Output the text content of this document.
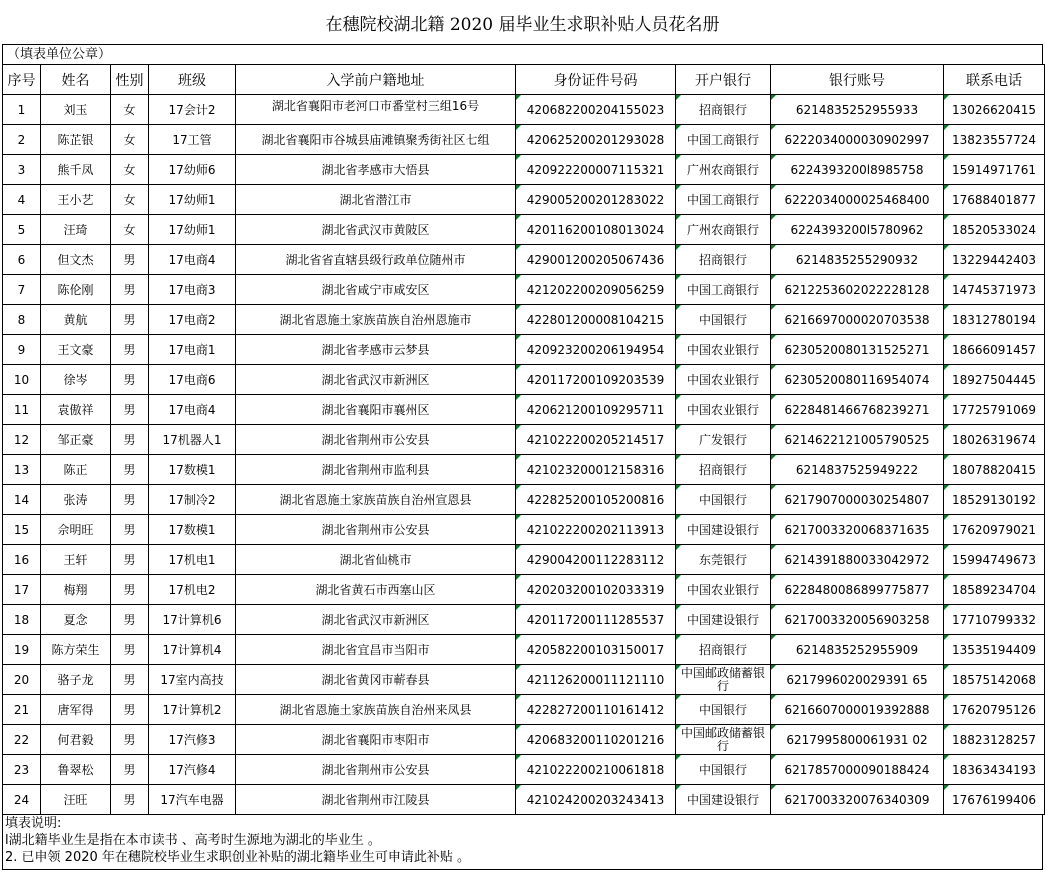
在穗院校湖北籍 2020 届毕业生求职补贴人员花名册
（填表单位公章）
序号	姓名	性别	班级	入学前户籍地址	身份证件号码	开户银行	银行账号	联系电话
1	刘玉	女	17会计2	湖北省襄阳市老河口市番堂村三组16号	420682200204155023	招商银行	6214835252955933	13026620415
2	陈芷银	女	17工管	湖北省襄阳市谷城县庙滩镇聚秀街社区七组	420625200201293028	中国工商银行	6222034000030902997	13823557724
3	熊千凤	女	17幼师6	湖北省孝感市大悟县	420922200007115321	广州农商银行	6224393200l8985758	15914971761
4	王小艺	女	17幼师1	湖北省潜江市	429005200201283022	中国工商银行	6222034000025468400	17688401877
5	汪琦	女	17幼师1	湖北省武汉市黄陂区	420116200108013024	广州农商银行	6224393200l5780962	18520533024
6	但文杰	男	17电商4	湖北省省直辖县级行政单位随州市	429001200205067436	招商银行	6214835255290932	13229442403
7	陈伦刚	男	17电商3	湖北省咸宁市咸安区	421202200209056259	中国工商银行	6212253602022228128	14745371973
8	黄航	男	17电商2	湖北省恩施土家族苗族自治州恩施市	422801200008104215	中国银行	6216697000020703538	18312780194
9	王文豪	男	17电商1	湖北省孝感市云梦县	420923200206194954	中国农业银行	6230520080131525271	18666091457
10	徐岑	男	17电商6	湖北省武汉市新洲区	420117200109203539	中国农业银行	6230520080116954074	18927504445
11	袁傲祥	男	17电商4	湖北省襄阳市襄州区	420621200109295711	中国农业银行	6228481466768239271	17725791069
12	邹正豪	男	17机器人1	湖北省荆州市公安县	421022200205214517	广发银行	6214622121005790525	18026319674
13	陈正	男	17数模1	湖北省荆州市监利县	421023200012158316	招商银行	6214837525949222	18078820415
14	张涛	男	17制冷2	湖北省恩施土家族苗族自治州宣恩县	422825200105200816	中国银行	6217907000030254807	18529130192
15	佘明旺	男	17数模1	湖北省荆州市公安县	421022200202113913	中国建设银行	6217003320068371635	17620979021
16	王轩	男	17机电1	湖北省仙桃市	429004200112283112	东莞银行	6214391880033042972	15994749673
17	梅翔	男	17机电2	湖北省黄石市西塞山区	420203200102033319	中国农业银行	6228480086899775877	18589234704
18	夏念	男	17计算机6	湖北省武汉市新洲区	420117200111285537	中国建设银行	6217003320056903258	17710799332
19	陈方荣生	男	17计算机4	湖北省宜昌市当阳市	420582200103150017	招商银行	6214835252955909	13535194409
20	骆子龙	男	17室内高技	湖北省黄冈市蕲春县	421126200011121110	中国邮政储蓄银行	6217996020029391 65	18575142068
21	唐军得	男	17计算机2	湖北省恩施土家族苗族自治州来凤县	422827200110161412	中国银行	6216607000019392888	17620795126
22	何君毅	男	17汽修3	湖北省襄阳市枣阳市	420683200110201216	中国邮政储蓄银行	6217995800061931 02	18823128257
23	鲁翠松	男	17汽修4	湖北省荆州市公安县	421022200210061818	中国银行	6217857000090188424	18363434193
24	汪旺	男	17汽车电器	湖北省荆州市江陵县	421024200203243413	中国建设银行	6217003320076340309	17676199406
填表说明:
l湖北籍毕业生是指在本市读书 、高考时生源地为湖北的毕业生 。
2. 已申领 2020 年在穗院校毕业生求职创业补贴的湖北籍毕业生可申请此补贴 。
